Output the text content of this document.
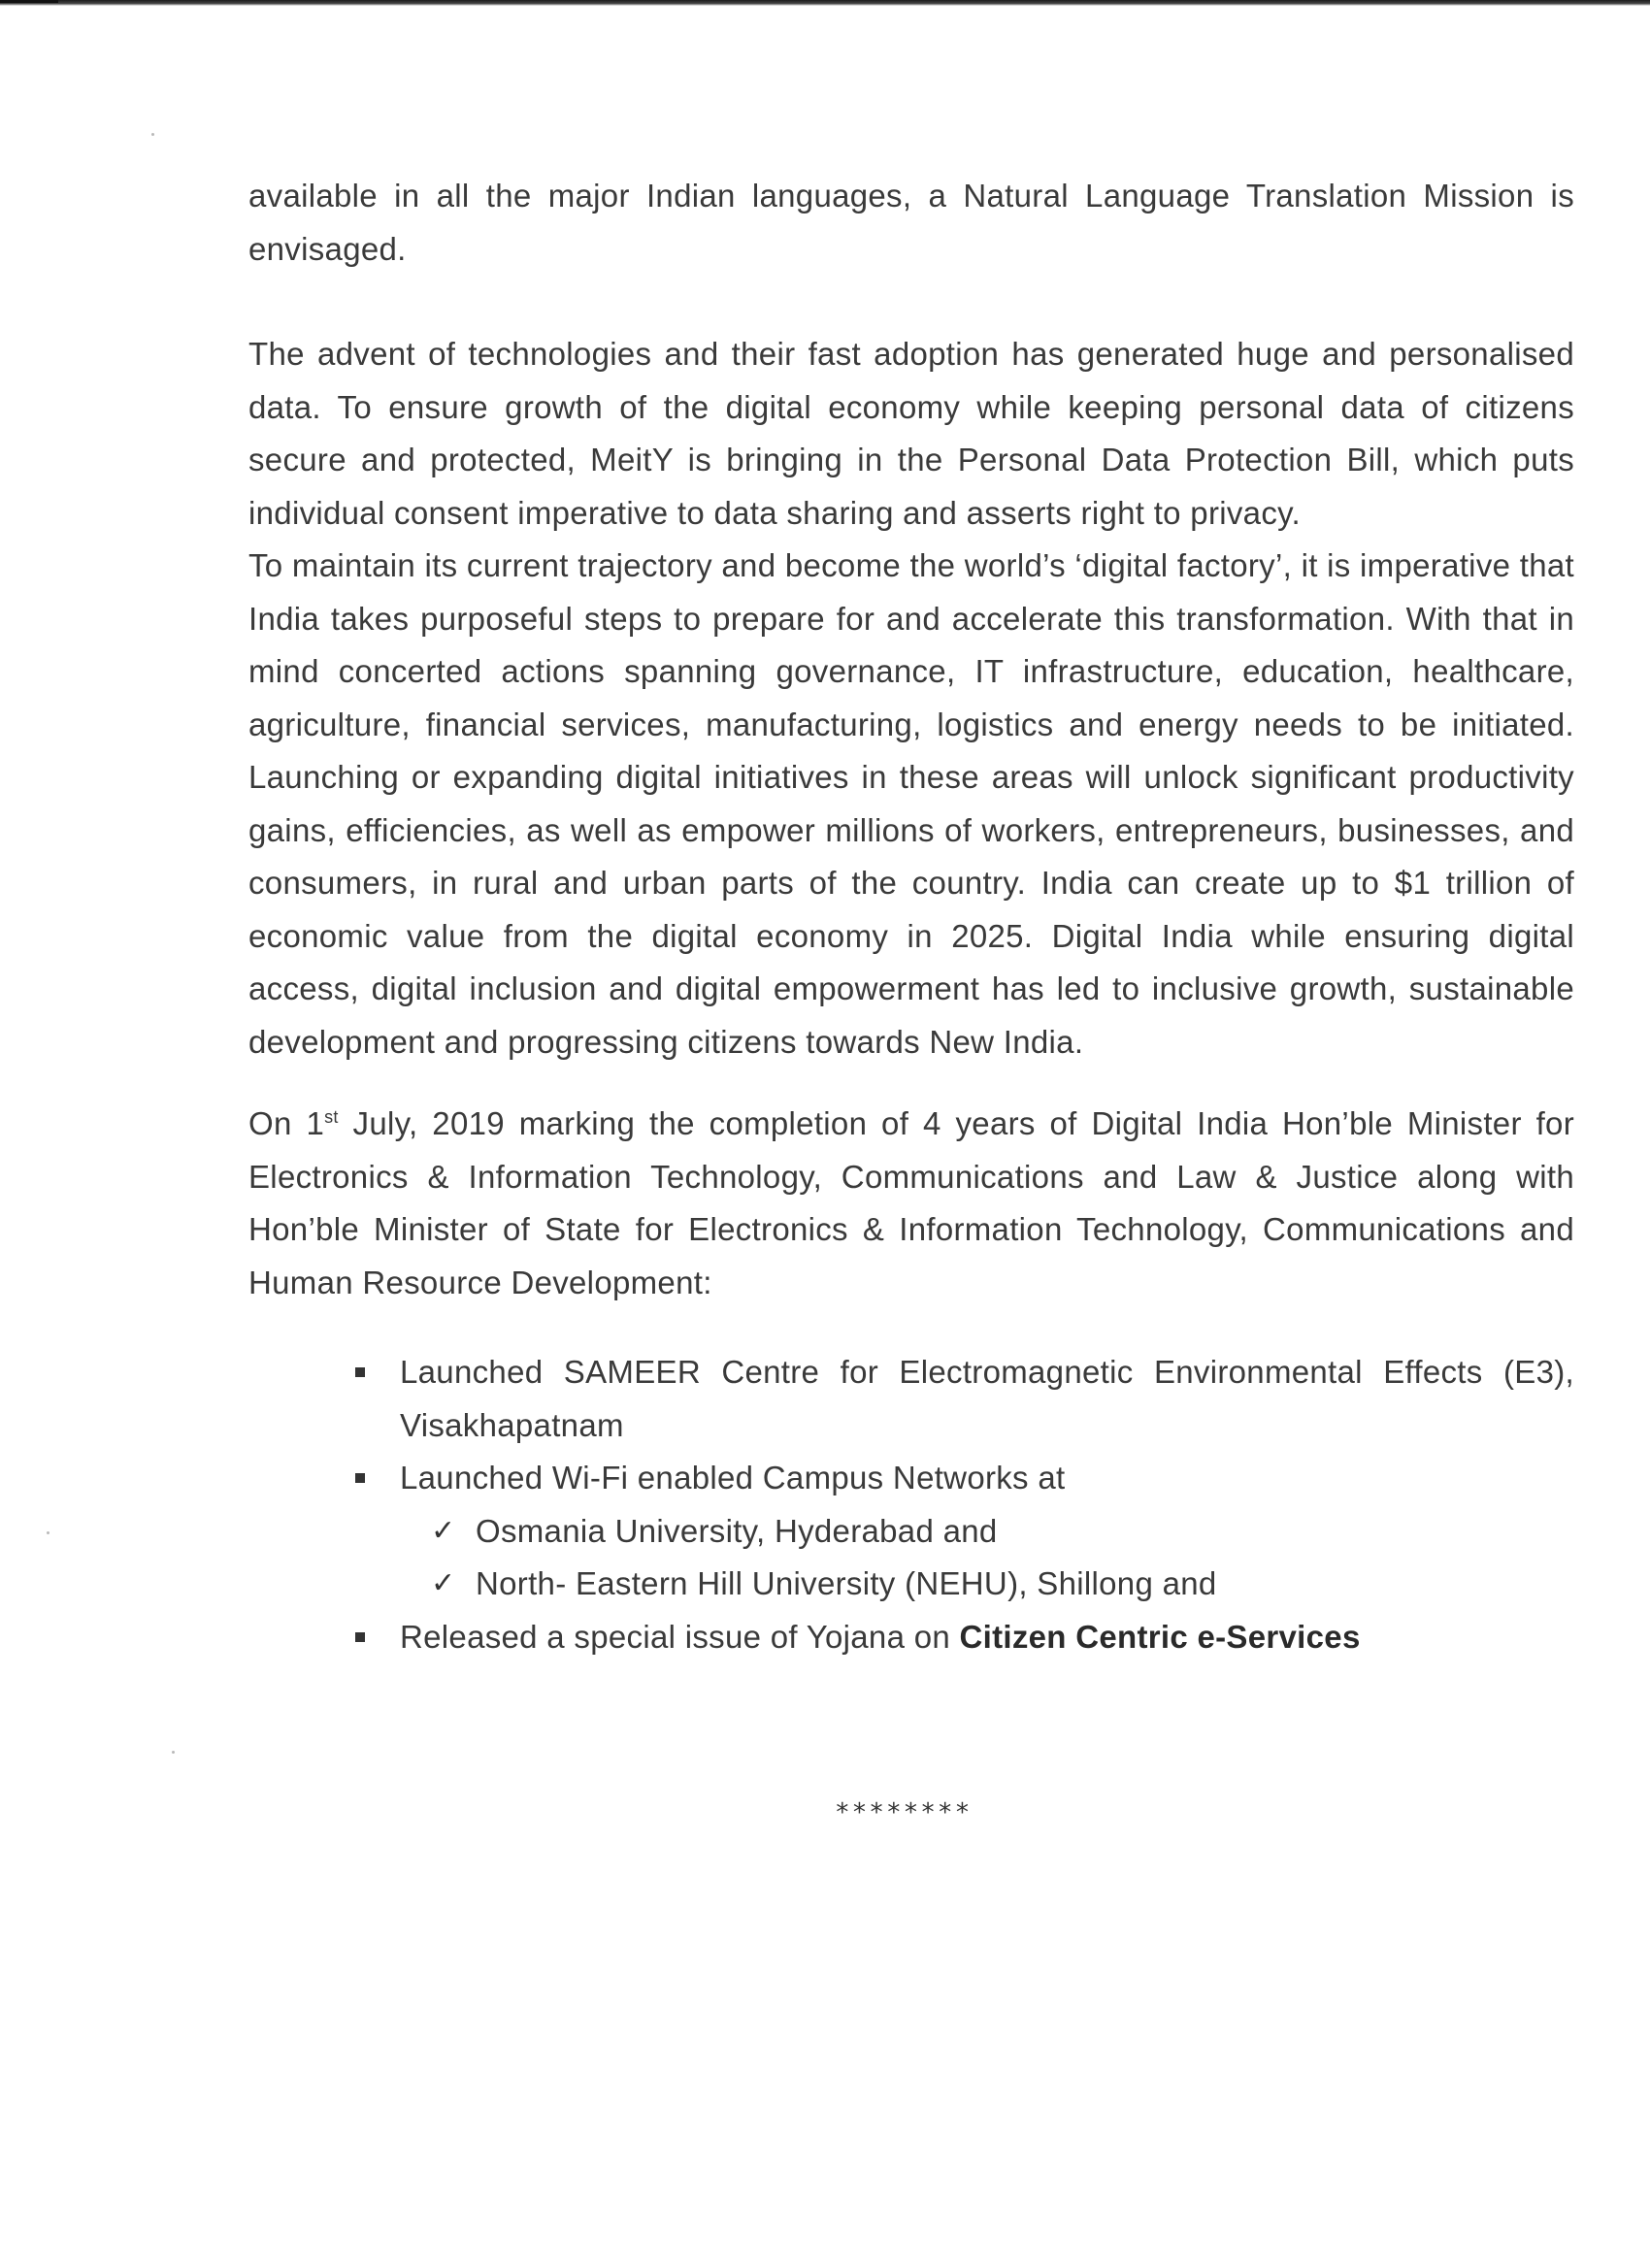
available in all the major Indian languages, a Natural Language Translation Mission is envisaged.

The advent of technologies and their fast adoption has generated huge and personalised data. To ensure growth of the digital economy while keeping personal data of citizens secure and protected, MeitY is bringing in the Personal Data Protection Bill, which puts individual consent imperative to data sharing and asserts right to privacy.

To maintain its current trajectory and become the world’s ‘digital factory’, it is imperative that India takes purposeful steps to prepare for and accelerate this transformation. With that in mind concerted actions spanning governance, IT infrastructure, education, healthcare, agriculture, financial services, manufacturing, logistics and energy needs to be initiated. Launching or expanding digital initiatives in these areas will unlock significant productivity gains, efficiencies, as well as empower millions of workers, entrepreneurs, businesses, and consumers, in rural and urban parts of the country. India can create up to $1 trillion of economic value from the digital economy in 2025. Digital India while ensuring digital access, digital inclusion and digital empowerment has led to inclusive growth, sustainable development and progressing citizens towards New India.

On 1st July, 2019 marking the completion of 4 years of Digital India Hon’ble Minister for Electronics & Information Technology, Communications and Law & Justice along with Hon’ble Minister of State for Electronics & Information Technology, Communications and Human Resource Development:

Launched SAMEER Centre for Electromagnetic Environmental Effects (E3), Visakhapatnam
Launched Wi-Fi enabled Campus Networks at
✓ Osmania University, Hyderabad and
✓ North- Eastern Hill University (NEHU), Shillong and
Released a special issue of Yojana on Citizen Centric e-Services
********
